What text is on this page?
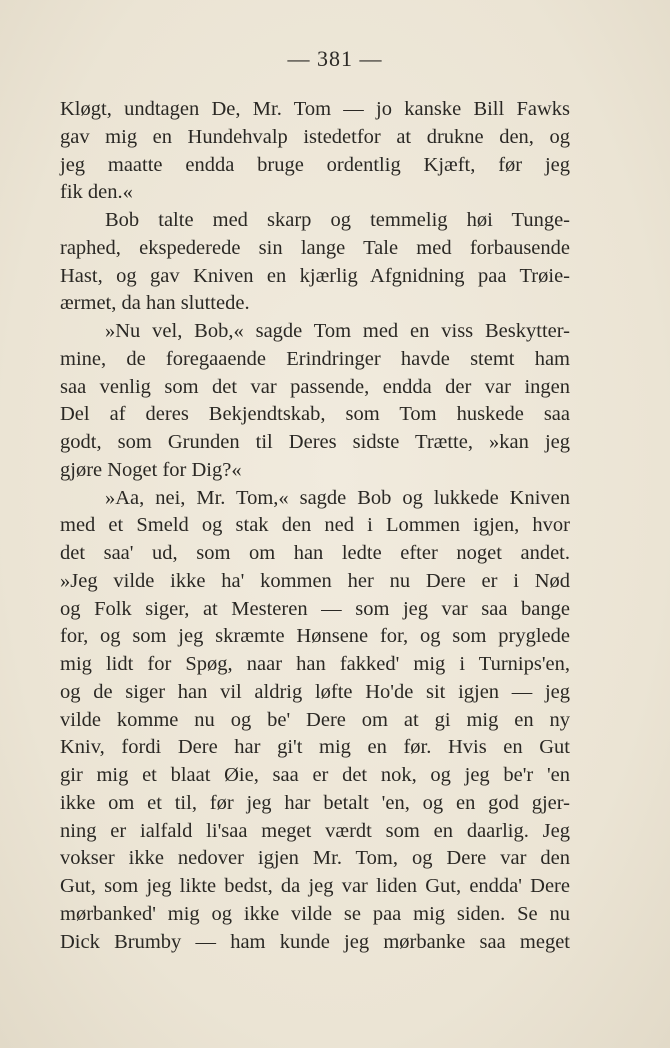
— 381 —
Kløgt, undtagen De, Mr. Tom — jo kanske Bill Fawks
gav mig en Hundehvalp istedetfor at drukne den, og
jeg maatte endda bruge ordentlig Kjæft, før jeg
fik den.«
Bob talte med skarp og temmelig høi Tunge-
raphed, ekspederede sin lange Tale med forbausende
Hast, og gav Kniven en kjærlig Afgnidning paa Trøie-
ærmet, da han sluttede.
»Nu vel, Bob,« sagde Tom med en viss Beskytter-
mine, de foregaaende Erindringer havde stemt ham
saa venlig som det var passende, endda der var ingen
Del af deres Bekjendtskab, som Tom huskede saa
godt, som Grunden til Deres sidste Trætte, »kan jeg
gjøre Noget for Dig?«
»Aa, nei, Mr. Tom,« sagde Bob og lukkede Kniven
med et Smeld og stak den ned i Lommen igjen, hvor
det saa' ud, som om han ledte efter noget andet.
»Jeg vilde ikke ha' kommen her nu Dere er i Nød
og Folk siger, at Mesteren — som jeg var saa bange
for, og som jeg skræmte Hønsene for, og som pryglede
mig lidt for Spøg, naar han fakked' mig i Turnips'en,
og de siger han vil aldrig løfte Ho'de sit igjen — jeg
vilde komme nu og be' Dere om at gi mig en ny
Kniv, fordi Dere har gi't mig en før. Hvis en Gut
gir mig et blaat Øie, saa er det nok, og jeg be'r 'en
ikke om et til, før jeg har betalt 'en, og en god gjer-
ning er ialfald li'saa meget værdt som en daarlig. Jeg
vokser ikke nedover igjen Mr. Tom, og Dere var den
Gut, som jeg likte bedst, da jeg var liden Gut, endda' Dere
mørbanked' mig og ikke vilde se paa mig siden. Se nu
Dick Brumby — ham kunde jeg mørbanke saa meget
